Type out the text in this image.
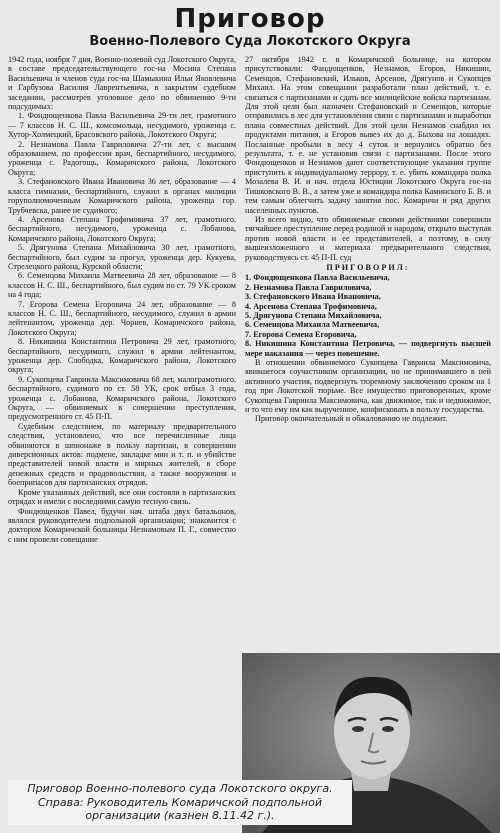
Приговор
Военно-Полевого Суда Локотского Округа

1942 года, ноября 7 дня, Военно-полевой суд Локотского Округа, в составе председательствующего гос-на Мосина Степана Васильевича и членов суда гос-на Шамыкина Ильи Яковлевича и Гарбузова Василия Лаврентьевича, в закрытом судебном заседании, рассмотрев уголовное дело по обвинению 9-ти подсудимых:

1. Фондющенкова Павла Васильевича 29-ти лет, грамотного — 7 классов Н. С. Ш., комсомольца, несудимого, уроженца с. Хутор-Холмецкий, Брасовского района, Локотского Округа;

2. Незнамова Павла Гавриловича 27-ти лет, с высшим образованием, по профессии врач, беспартийного, несудимого, уроженца с. Радогощь, Комаричского района, Локотского Округа;

3. Стефановского Ивана Ивановича 36 лет, образование — 4 класса гимназии, беспартийного, служил в органах милиции горуполномоченным Комаричского района, уроженца гор. Трубчевска, ранее не судимого;

4. Арсенова Степана Трофимовича 37 лет, грамотного, беспартийного, несудимого, уроженца с. Лобанова, Комаричского района, Локотского Округа;

5. Дрягунова Степана Михайловича 30 лет, грамотного, беспартийного, был судим за прогул, уроженца дер. Кукуева, Стрелецкого района, Курской области;

6. Семенцова Михаила Матвеевича 28 лет, образование — 8 классов Н. С. Ш., беспартийного, был судим по ст. 79 УК сроком на 4 года;

7. Егорова Семена Егоровича 24 лет, образование — 8 классов Н. С. Ш., беспартийного, несудимого, служил в армии лейтенантом, уроженца дер. Чорнев, Комаричского района, Локотского Округа;

8. Никишина Константина Петровича 29 лет, грамотного, беспартийного, несудимого, служил в армии лейтенантом, уроженца дер. Слободка, Комаричского района, Локотского округа;

9. Сукопцева Гавриила Максимовича 68 лет, малограмотного, беспартийного, судимого по ст. 58 УК, срок отбыл 3 года, уроженца с. Лобанова, Комаричского района, Локотского Округа, — обвиняемых в совершении преступления, предусмотренного ст. 45 П-П.

Судебным следствием, по материалу предварительного следствия, установлено, что все перечисленные лица обвиняются в шпионаже в пользу партизан, в совершении диверсионных актов: подмене, закладке мин и т. п. и убийстве представителей новой власти и мирных жителей, в сборе денежных средств и продовольствия, а также вооружения и боеприпасов для партизанских отрядов.

Кроме указанных действий, все они состояли в партизанских отрядах и имели с последними самую тесную связь.

Фондющенков Павел, будучи нач. штаба двух батальонов, являлся руководителем подпольной организации; знакомится с доктором Комаричской больницы Незнамовым П. Г., совместно с ним провели совещание

27 октября 1942 г. в Комаричской больнице, на котором присутствовали: Фандющенков, Незнамов, Егоров, Никишин, Семенцов, Стефановский, Ильков, Арсенов, Дрягунов и Сукопцев Михаил. На этом совещании разработали план действий, т. е. связаться с партизанами и сдать все милицейские войска партизанам. Для этой цели был назначен Стефановский и Семенцов, которые отправились в лес для установления связи с партизанами и выработки плана совместных действий. Для этой цели Незнамов снабдил их продуктами питания, а Егоров вывез их до д. Быхова на лошадях. Посланные пробыли в лесу 4 суток и вернулись обратно без результата, т. е. не установив связи с партизанами. После этого Фондющенков и Незнамов дают соответствующие указания группе приступить к индивидуальному террору, т. е. убить командира полка Мозалева В. И. и нач. отдела Юстиции Локотского Округа гос-на Тишковского В. В., а затем уже и командира полка Каминского Б. В. и тем самым облегчить задачу занятия пос. Комаричи и ряд других населенных пунктов.

Из всего видно, что обвиняемые своими действиями совершили тягчайшее преступление перед родиной и народом, открыто выступая против новой власти и ее представителей, а поэтому, в силу вышеизложенного и материала предварительного следствия, руководствуясь ст. 45 П-П. суд

ПРИГОВОРИЛ:
1. Фондющенкова Павла Васильевича,
2. Незнамова Павла Гавриловича,
3. Стефановского Ивана Ивановича,
4. Арсенова Степана Трофимовича,
5. Дрягунова Степана Михайловича,
6. Семенцова Михаила Матвеевича,
7. Егорова Семена Егоровича,
8. Никишина Константина Петровича, — подвергнуть высшей мере наказания — через повешение.

В отношении обвиняемого Сукопцева Гавриила Максимовича, явившегося соучастником организации, но не принимавшего в ней активного участия, подвергнуть тюремному заключению сроком на 1 год при Локотской тюрьме. Все имущество приговоренных, кроме Сукопцева Гавриила Максимовича, как движимое, так и недвижимое, и то что ему им как вырученное, конфисковать в пользу государства.

Приговор окончательный и обжалованию не подлежит.

Приговор Военно-полевого суда Локотского округа. Справа: Руководитель Комаричской подпольной организации (казнен 8.11.42 г.).
